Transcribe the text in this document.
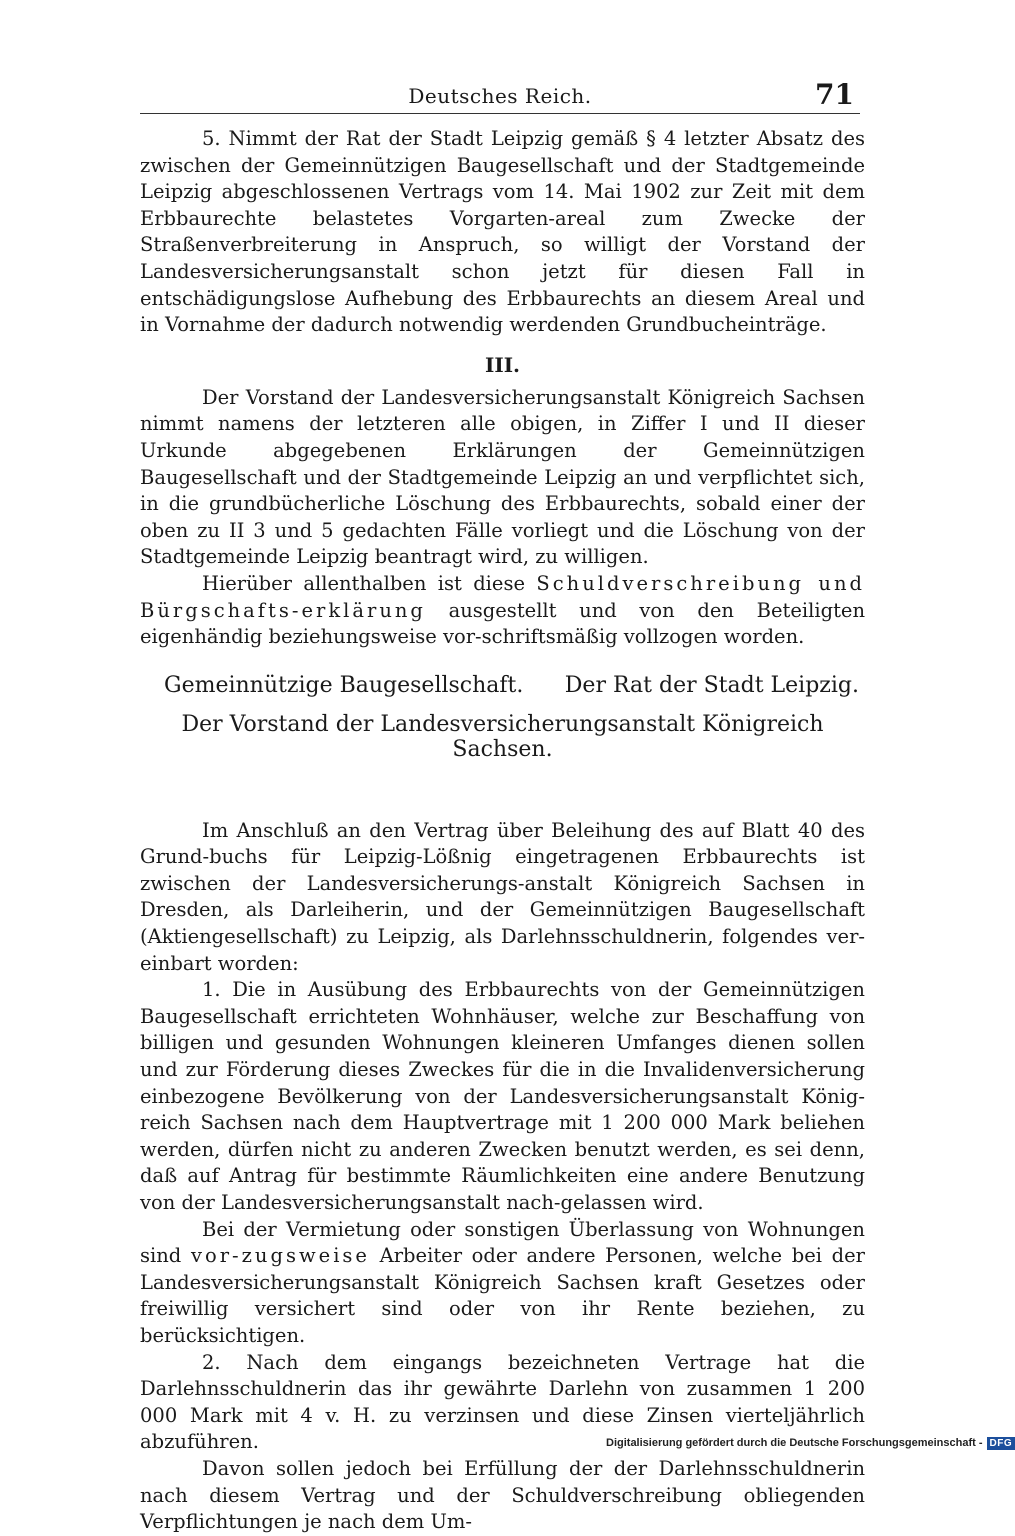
Deutsches Reich.	71

5. Nimmt der Rat der Stadt Leipzig gemäß § 4 letzter Absatz des zwischen der Gemeinnützigen Baugesellschaft und der Stadtgemeinde Leipzig abgeschlossenen Vertrags vom 14. Mai 1902 zur Zeit mit dem Erbbaurechte belastetes Vorgarten-areal zum Zwecke der Straßenverbreiterung in Anspruch, so willigt der Vorstand der Landesversicherungsanstalt schon jetzt für diesen Fall in entschädigungslose Aufhebung des Erbbaurechts an diesem Areal und in Vornahme der dadurch notwendig werdenden Grundbucheinträge.

III.

Der Vorstand der Landesversicherungsanstalt Königreich Sachsen nimmt namens der letzteren alle obigen, in Ziffer I und II dieser Urkunde abgegebenen Erklärungen der Gemeinnützigen Baugesellschaft und der Stadtgemeinde Leipzig an und verpflichtet sich, in die grundbücherliche Löschung des Erbbaurechts, sobald einer der oben zu II 3 und 5 gedachten Fälle vorliegt und die Löschung von der Stadtgemeinde Leipzig beantragt wird, zu willigen.

Hierüber allenthalben ist diese Schuldverschreibung und Bürgschafts-erklärung ausgestellt und von den Beteiligten eigenhändig beziehungsweise vor-schriftsmäßig vollzogen worden.

Gemeinnützige Baugesellschaft. Der Rat der Stadt Leipzig.
Der Vorstand der Landesversicherungsanstalt Königreich Sachsen.

Im Anschluß an den Vertrag über Beleihung des auf Blatt 40 des Grund-buchs für Leipzig-Lößnig eingetragenen Erbbaurechts ist zwischen der Landesversicherungs-anstalt Königreich Sachsen in Dresden, als Darleiherin, und der Gemeinnützigen Baugesellschaft (Aktiengesellschaft) zu Leipzig, als Darlehnsschuldnerin, folgendes ver-einbart worden:

1. Die in Ausübung des Erbbaurechts von der Gemeinnützigen Baugesellschaft errichteten Wohnhäuser, welche zur Beschaffung von billigen und gesunden Wohnungen kleineren Umfanges dienen sollen und zur Förderung dieses Zweckes für die in die Invalidenversicherung einbezogene Bevölkerung von der Landesversicherungsanstalt König-reich Sachsen nach dem Hauptvertrage mit 1 200 000 Mark beliehen werden, dürfen nicht zu anderen Zwecken benutzt werden, es sei denn, daß auf Antrag für bestimmte Räumlichkeiten eine andere Benutzung von der Landesversicherungsanstalt nach-gelassen wird.

Bei der Vermietung oder sonstigen Überlassung von Wohnungen sind vor-zugsweise Arbeiter oder andere Personen, welche bei der Landesversicherungsanstalt Königreich Sachsen kraft Gesetzes oder freiwillig versichert sind oder von ihr Rente beziehen, zu berücksichtigen.

2. Nach dem eingangs bezeichneten Vertrage hat die Darlehnsschuldnerin das ihr gewährte Darlehn von zusammen 1 200 000 Mark mit 4 v. H. zu verzinsen und diese Zinsen vierteljährlich abzuführen.

Davon sollen jedoch bei Erfüllung der der Darlehnsschuldnerin nach diesem Vertrag und der Schuldverschreibung obliegenden Verpflichtungen je nach dem Um-

Digitalisierung gefördert durch die Deutsche Forschungsgemeinschaft - DFG
